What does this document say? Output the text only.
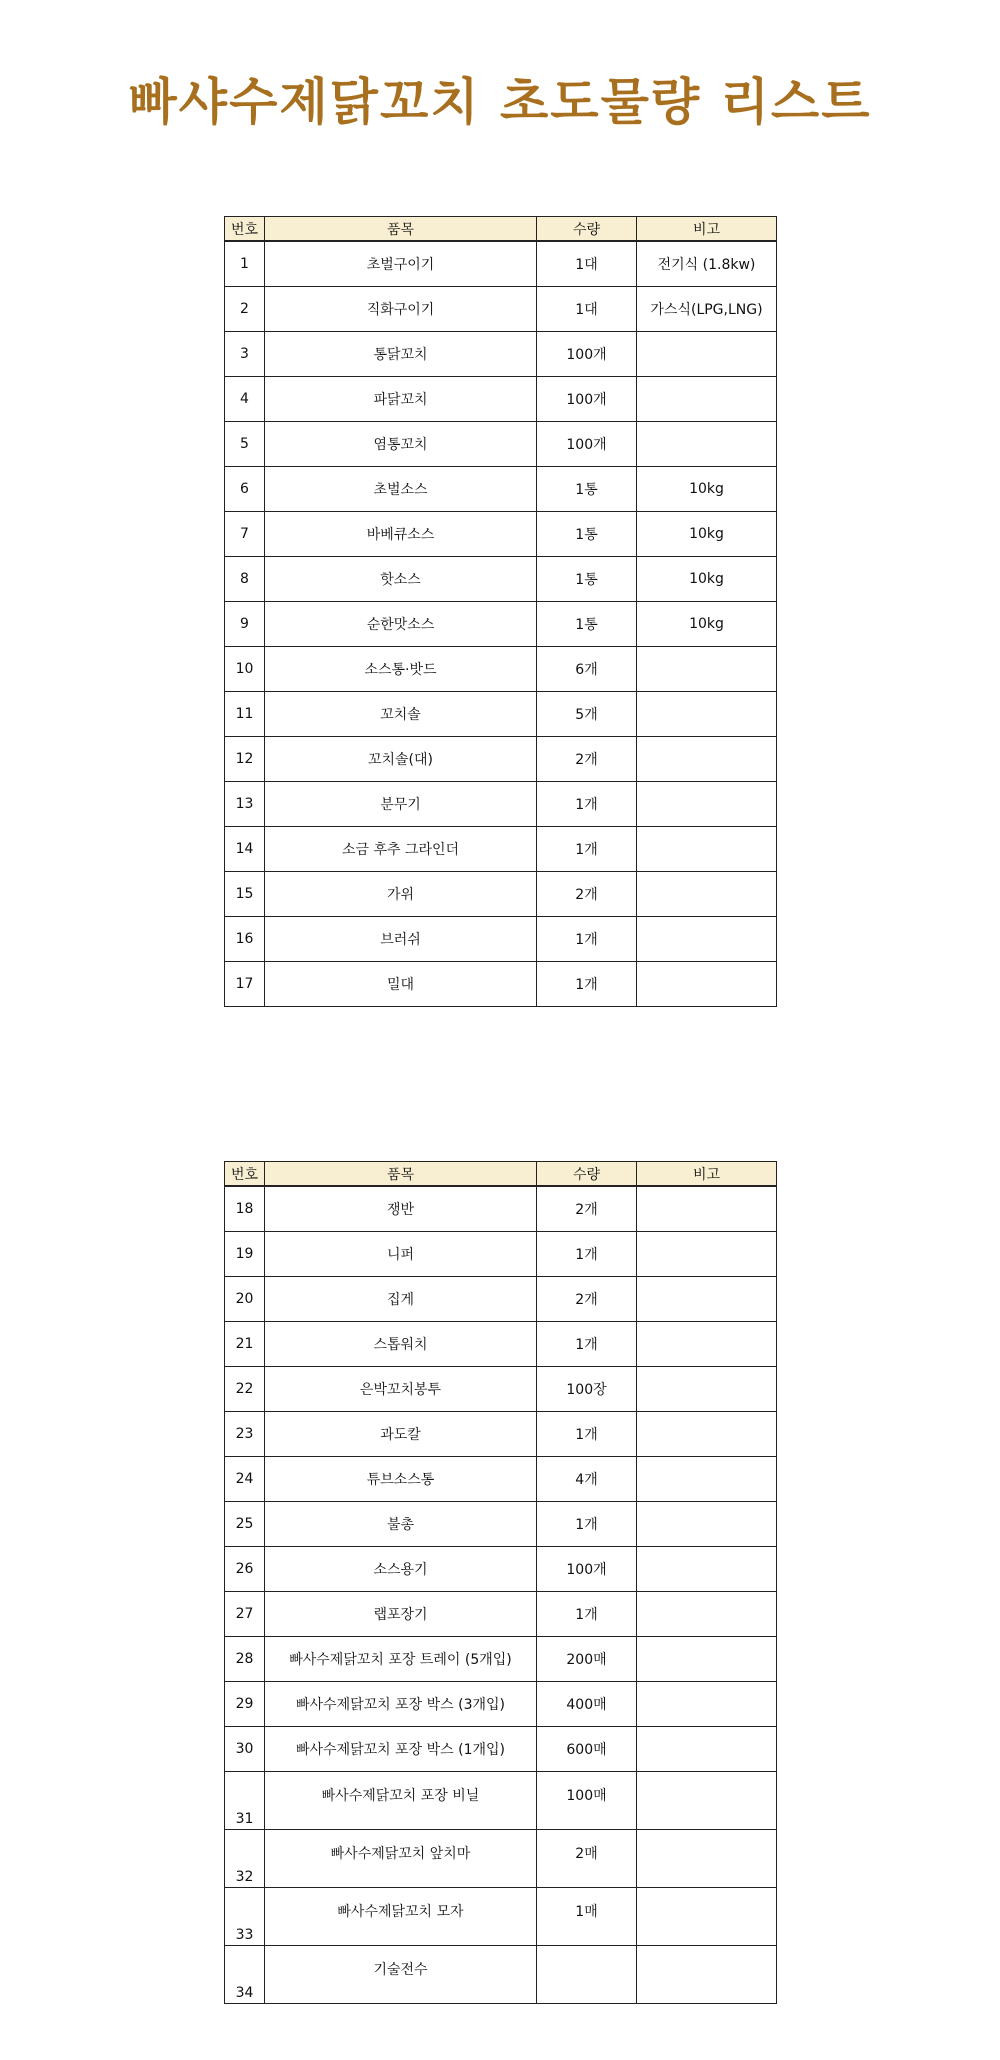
빠샤수제닭꼬치 초도물량 리스트
번호	품목	수량	비고
1	초벌구이기	1대	전기식 (1.8kw)
2	직화구이기	1대	가스식(LPG,LNG)
3	통닭꼬치	100개	
4	파닭꼬치	100개	
5	염통꼬치	100개	
6	초벌소스	1통	10kg
7	바베큐소스	1통	10kg
8	핫소스	1통	10kg
9	순한맛소스	1통	10kg
10	소스통·밧드	6개	
11	꼬치솔	5개	
12	꼬치솔(대)	2개	
13	분무기	1개	
14	소금 후추 그라인더	1개	
15	가위	2개	
16	브러쉬	1개	
17	밀대	1개	
번호	품목	수량	비고
18	쟁반	2개	
19	니퍼	1개	
20	집게	2개	
21	스톱워치	1개	
22	은박꼬치봉투	100장	
23	과도칼	1개	
24	튜브소스통	4개	
25	불총	1개	
26	소스용기	100개	
27	랩포장기	1개	
28	빠사수제닭꼬치 포장 트레이 (5개입)	200매	
29	빠사수제닭꼬치 포장 박스 (3개입)	400매	
30	빠사수제닭꼬치 포장 박스 (1개입)	600매	
31	빠사수제닭꼬치 포장 비닐	100매	
32	빠사수제닭꼬치 앞치마	2매	
33	빠사수제닭꼬치 모자	1매	
34	기술전수		
